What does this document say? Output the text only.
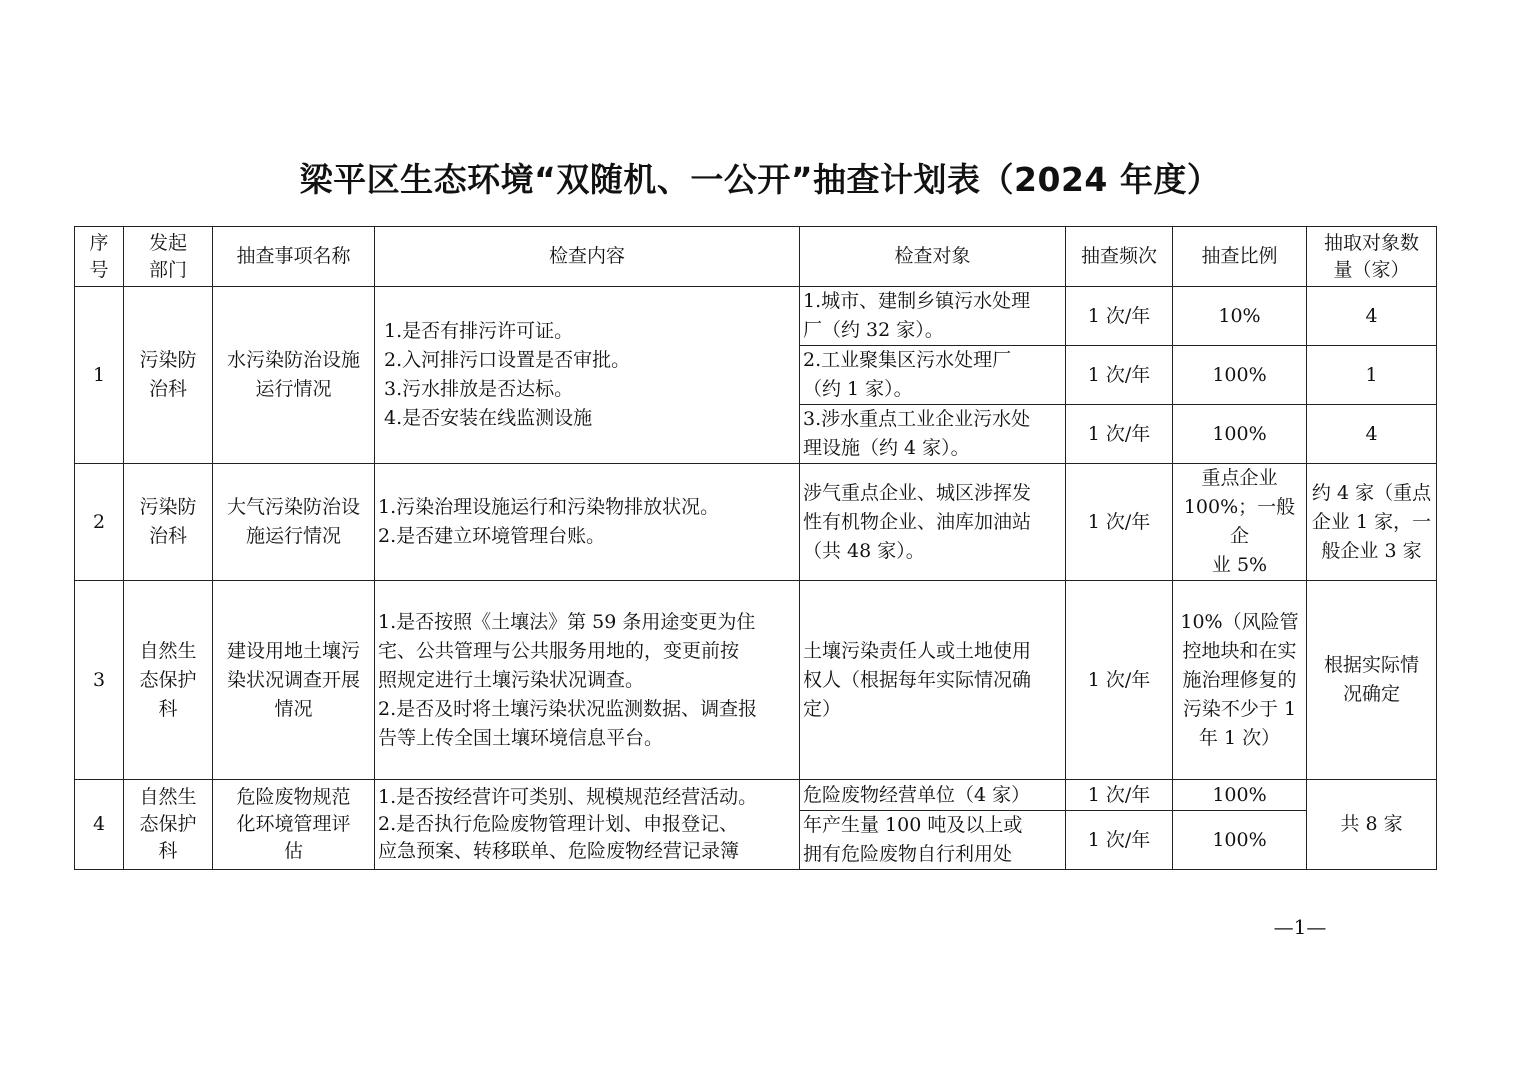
梁平区生态环境“双随机、一公开”抽查计划表（2024 年度）
序
号	发起
部门	抽查事项名称	检查内容	检查对象	抽查频次	抽查比例	抽取对象数
量（家）
1	污染防
治科	水污染防治设施
运行情况	1.是否有排污许可证。
2.入河排污口设置是否审批。
3.污水排放是否达标。
4.是否安装在线监测设施	1.城市、建制乡镇污水处理
厂（约 32 家）。	1 次/年	10%	4
				2.工业聚集区污水处理厂
（约 1 家）。	1 次/年	100%	1
				3.涉水重点工业企业污水处
理设施（约 4 家）。	1 次/年	100%	4
2	污染防
治科	大气污染防治设
施运行情况	1.污染治理设施运行和污染物排放状况。
2.是否建立环境管理台账。	涉气重点企业、城区涉挥发
性有机物企业、油库加油站
（共 48 家）。	1 次/年	重点企业
100%；一般企
业 5%	约 4 家（重点
企业 1 家，一
般企业 3 家
3	自然生
态保护
科	建设用地土壤污
染状况调查开展
情况	1.是否按照《土壤法》第 59 条用途变更为住
宅、公共管理与公共服务用地的，变更前按
照规定进行土壤污染状况调查。
2.是否及时将土壤污染状况监测数据、调查报
告等上传全国土壤环境信息平台。	土壤污染责任人或土地使用
权人（根据每年实际情况确
定）	1 次/年	10%（风险管
控地块和在实
施治理修复的
污染不少于 1
年 1 次）	根据实际情
况确定
4	自然生
态保护
科	危险废物规范
化环境管理评
估	1.是否按经营许可类别、规模规范经营活动。
2.是否执行危险废物管理计划、申报登记、
应急预案、转移联单、危险废物经营记录簿	危险废物经营单位（4 家）	1 次/年	100%	共 8 家
				年产生量 100 吨及以上或
拥有危险废物自行利用处	1 次/年	100%	
—1—
